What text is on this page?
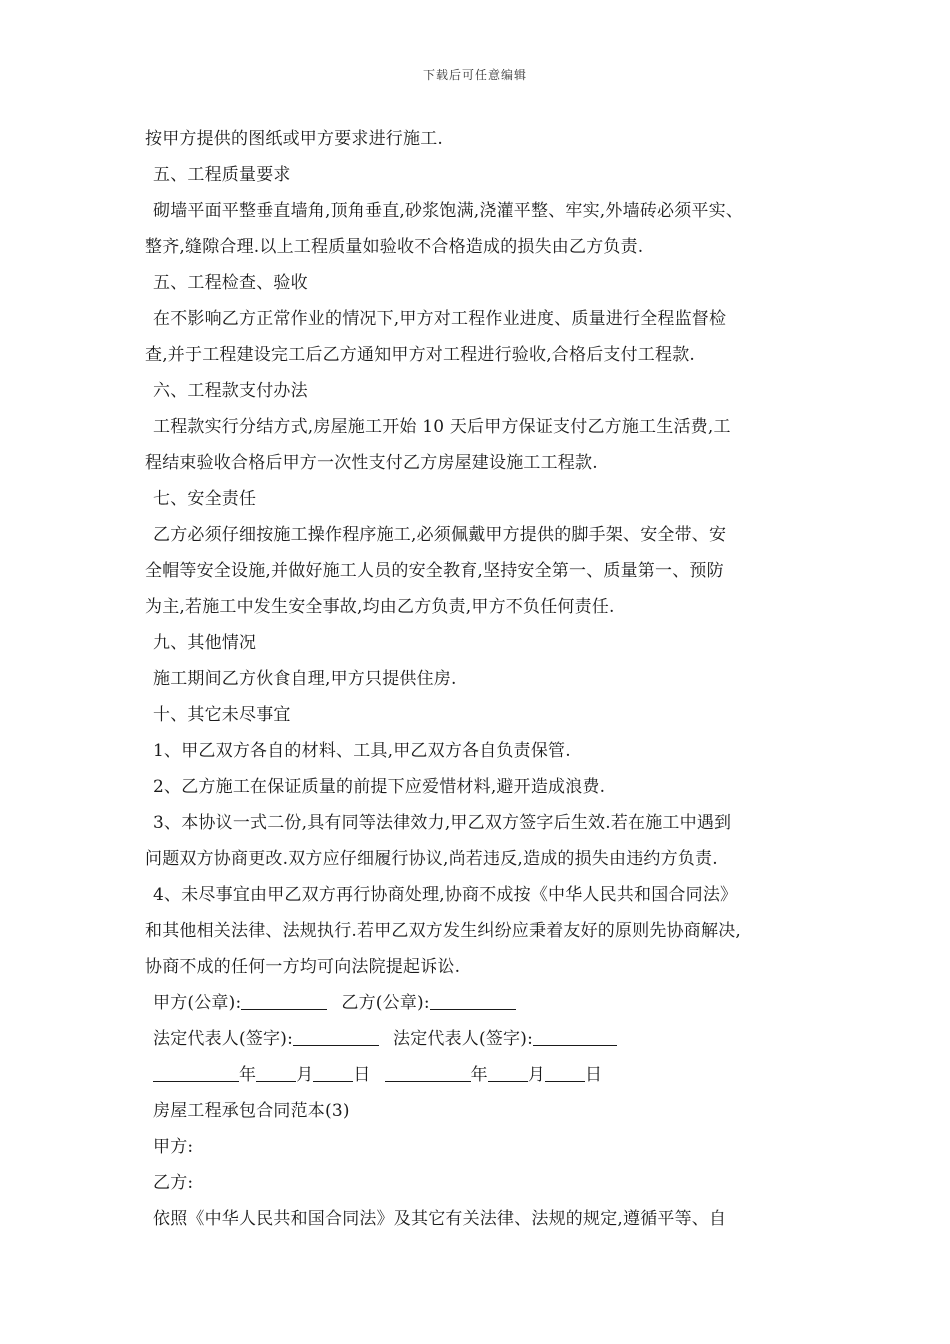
下载后可任意编辑
按甲方提供的图纸或甲方要求进行施工.
五、工程质量要求
砌墙平面平整垂直墙角,顶角垂直,砂浆饱满,浇灌平整、牢实,外墙砖必须平实、
整齐,缝隙合理.以上工程质量如验收不合格造成的损失由乙方负责.
五、工程检查、验收
在不影响乙方正常作业的情况下,甲方对工程作业进度、质量进行全程监督检
查,并于工程建设完工后乙方通知甲方对工程进行验收,合格后支付工程款.
六、工程款支付办法
工程款实行分结方式,房屋施工开始 10 天后甲方保证支付乙方施工生活费,工
程结束验收合格后甲方一次性支付乙方房屋建设施工工程款.
七、安全责任
乙方必须仔细按施工操作程序施工,必须佩戴甲方提供的脚手架、安全带、安
全帽等安全设施,并做好施工人员的安全教育,坚持安全第一、质量第一、预防
为主,若施工中发生安全事故,均由乙方负责,甲方不负任何责任.
九、其他情况
施工期间乙方伙食自理,甲方只提供住房.
十、其它未尽事宜
1、甲乙双方各自的材料、工具,甲乙双方各自负责保管.
2、乙方施工在保证质量的前提下应爱惜材料,避开造成浪费.
3、本协议一式二份,具有同等法律效力,甲乙双方签字后生效.若在施工中遇到
问题双方协商更改.双方应仔细履行协议,尚若违反,造成的损失由违约方负责.
4、未尽事宜由甲乙双方再行协商处理,协商不成按《中华人民共和国合同法》
和其他相关法律、法规执行.若甲乙双方发生纠纷应秉着友好的原则先协商解决,
协商不成的任何一方均可向法院提起诉讼.
甲方(公章):	乙方(公章):
法定代表人(签字):	法定代表人(签字):
年 月 日	年 月 日
房屋工程承包合同范本(3)
甲方:
乙方:
依照《中华人民共和国合同法》及其它有关法律、法规的规定,遵循平等、自
